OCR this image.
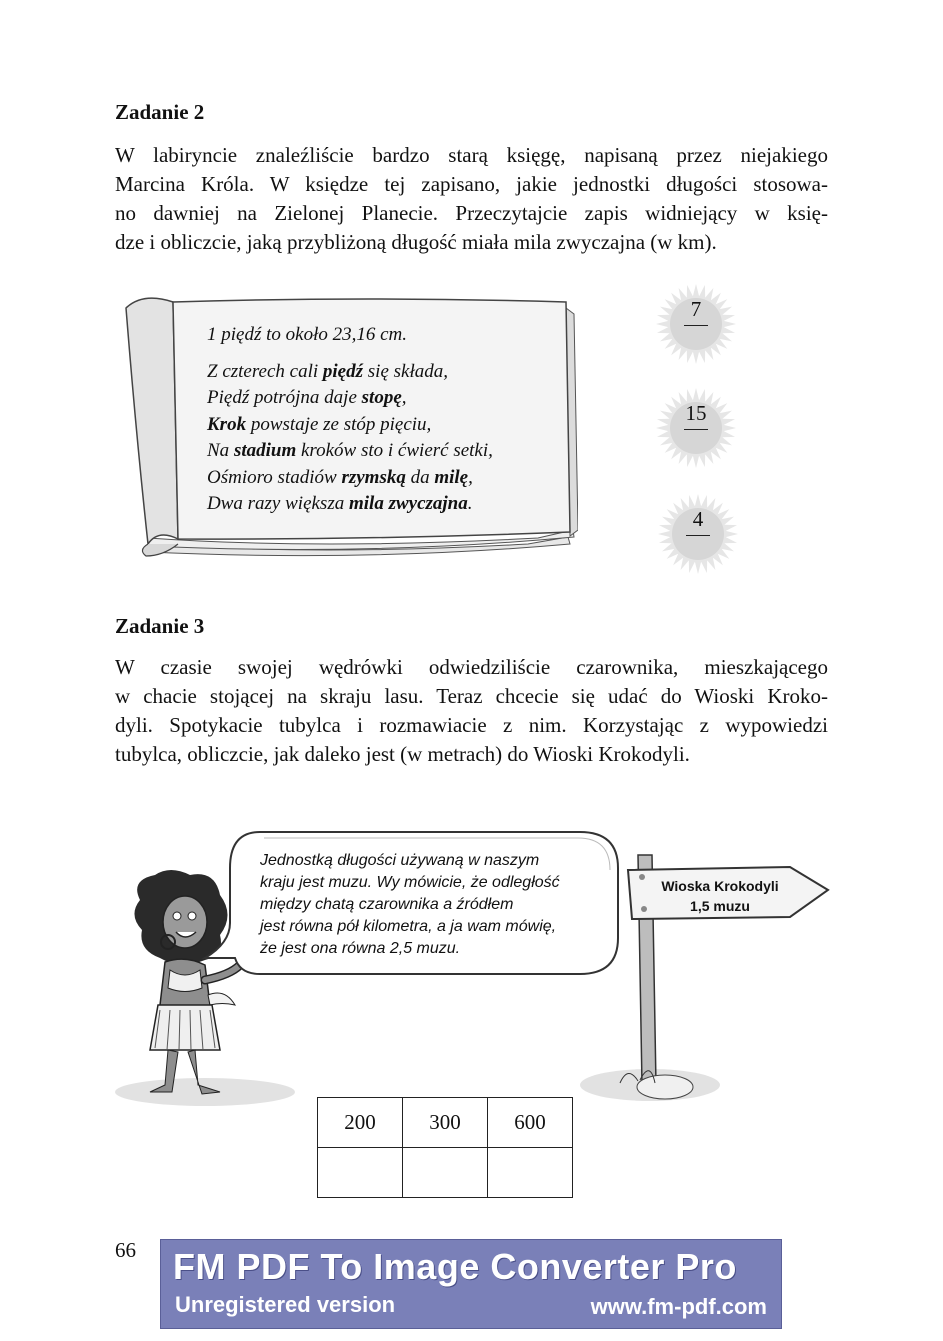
Zadanie 2
W labiryncie znaleźliście bardzo starą księgę, napisaną przez niejakiego
Marcina Króla. W księdze tej zapisano, jakie jednostki długości stosowa-
no dawniej na Zielonej Planecie. Przeczytajcie zapis widniejący w księ-
dze i obliczcie, jaką przybliżoną długość miała mila zwyczajna (w km).
1 piędź to około 23,16 cm.
Z czterech cali piędź się składa,
Piędź potrójna daje stopę,
Krok powstaje ze stóp pięciu,
Na stadium kroków sto i ćwierć setki,
Ośmioro stadiów rzymską da milę,
Dwa razy większa mila zwyczajna.
7
15
4
Zadanie 3
W czasie swojej wędrówki odwiedziliście czarownika, mieszkającego
w chacie stojącej na skraju lasu. Teraz chcecie się udać do Wioski Kroko-
dyli. Spotykacie tubylca i rozmawiacie z nim. Korzystając z wypowiedzi
tubylca, obliczcie, jak daleko jest (w metrach) do Wioski Krokodyli.
Jednostką długości używaną w naszym
kraju jest muzu. Wy mówicie, że odległość
między chatą czarownika a źródłem
jest równa pół kilometra, a ja wam mówię,
że jest ona równa 2,5 muzu.
Wioska Krokodyli
1,5 muzu
200	300	600

66 FM PDF To Image Converter Pro
Unregistered version	www.fm-pdf.com
